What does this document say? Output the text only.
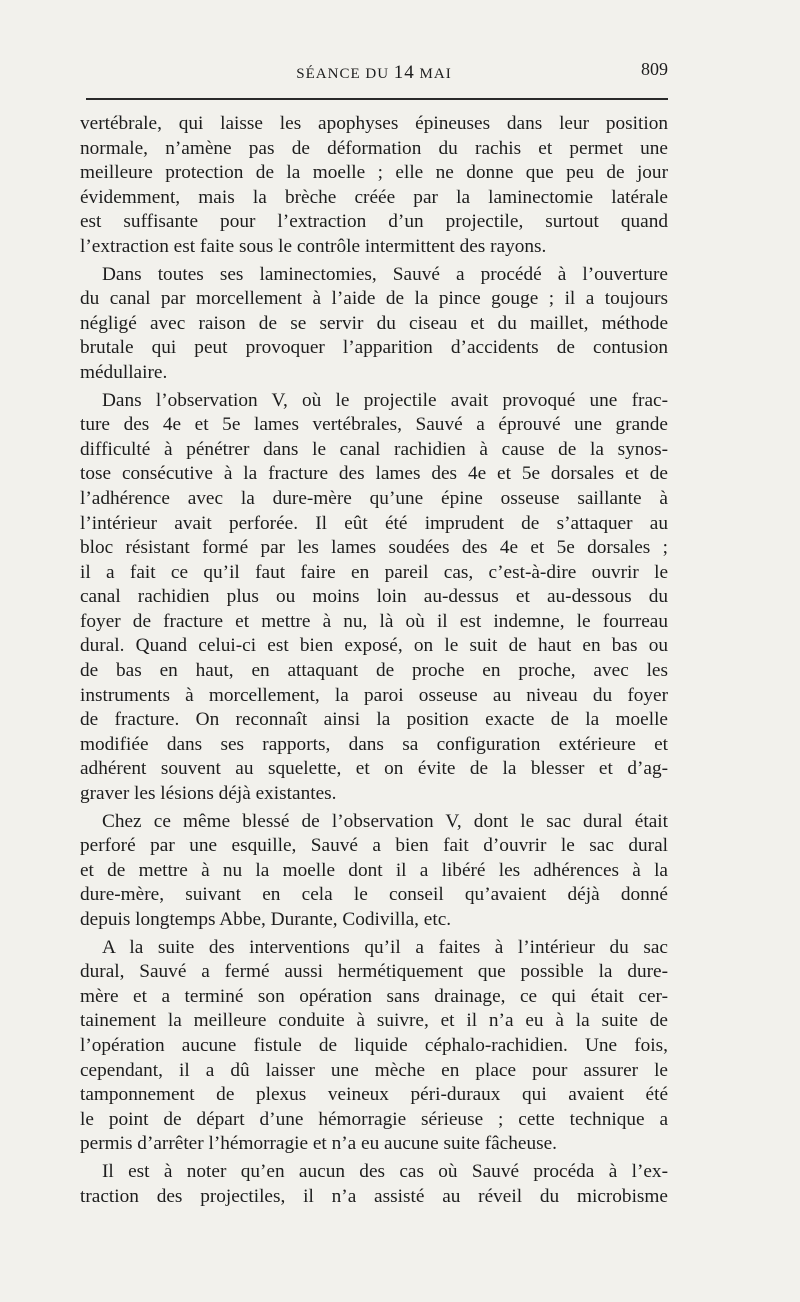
SÉANCE DU 14 MAI	809
vertébrale, qui laisse les apophyses épineuses dans leur position
normale, n’amène pas de déformation du rachis et permet une
meilleure protection de la moelle ; elle ne donne que peu de jour
évidemment, mais la brèche créée par la laminectomie latérale
est suffisante pour l’extraction d’un projectile, surtout quand
l’extraction est faite sous le contrôle intermittent des rayons.
Dans toutes ses laminectomies, Sauvé a procédé à l’ouverture
du canal par morcellement à l’aide de la pince gouge ; il a toujours
négligé avec raison de se servir du ciseau et du maillet, méthode
brutale qui peut provoquer l’apparition d’accidents de contusion
médullaire.
Dans l’observation V, où le projectile avait provoqué une frac-
ture des 4e et 5e lames vertébrales, Sauvé a éprouvé une grande
difficulté à pénétrer dans le canal rachidien à cause de la synos-
tose consécutive à la fracture des lames des 4e et 5e dorsales et de
l’adhérence avec la dure-mère qu’une épine osseuse saillante à
l’intérieur avait perforée. Il eût été imprudent de s’attaquer au
bloc résistant formé par les lames soudées des 4e et 5e dorsales ;
il a fait ce qu’il faut faire en pareil cas, c’est-à-dire ouvrir le
canal rachidien plus ou moins loin au-dessus et au-dessous du
foyer de fracture et mettre à nu, là où il est indemne, le fourreau
dural. Quand celui-ci est bien exposé, on le suit de haut en bas ou
de bas en haut, en attaquant de proche en proche, avec les
instruments à morcellement, la paroi osseuse au niveau du foyer
de fracture. On reconnaît ainsi la position exacte de la moelle
modifiée dans ses rapports, dans sa configuration extérieure et
adhérent souvent au squelette, et on évite de la blesser et d’ag-
graver les lésions déjà existantes.
Chez ce même blessé de l’observation V, dont le sac dural était
perforé par une esquille, Sauvé a bien fait d’ouvrir le sac dural
et de mettre à nu la moelle dont il a libéré les adhérences à la
dure-mère, suivant en cela le conseil qu’avaient déjà donné
depuis longtemps Abbe, Durante, Codivilla, etc.
A la suite des interventions qu’il a faites à l’intérieur du sac
dural, Sauvé a fermé aussi hermétiquement que possible la dure-
mère et a terminé son opération sans drainage, ce qui était cer-
tainement la meilleure conduite à suivre, et il n’a eu à la suite de
l’opération aucune fistule de liquide céphalo-rachidien. Une fois,
cependant, il a dû laisser une mèche en place pour assurer le
tamponnement de plexus veineux péri-duraux qui avaient été
le point de départ d’une hémorragie sérieuse ; cette technique a
permis d’arrêter l’hémorragie et n’a eu aucune suite fâcheuse.
Il est à noter qu’en aucun des cas où Sauvé procéda à l’ex-
traction des projectiles, il n’a assisté au réveil du microbisme
